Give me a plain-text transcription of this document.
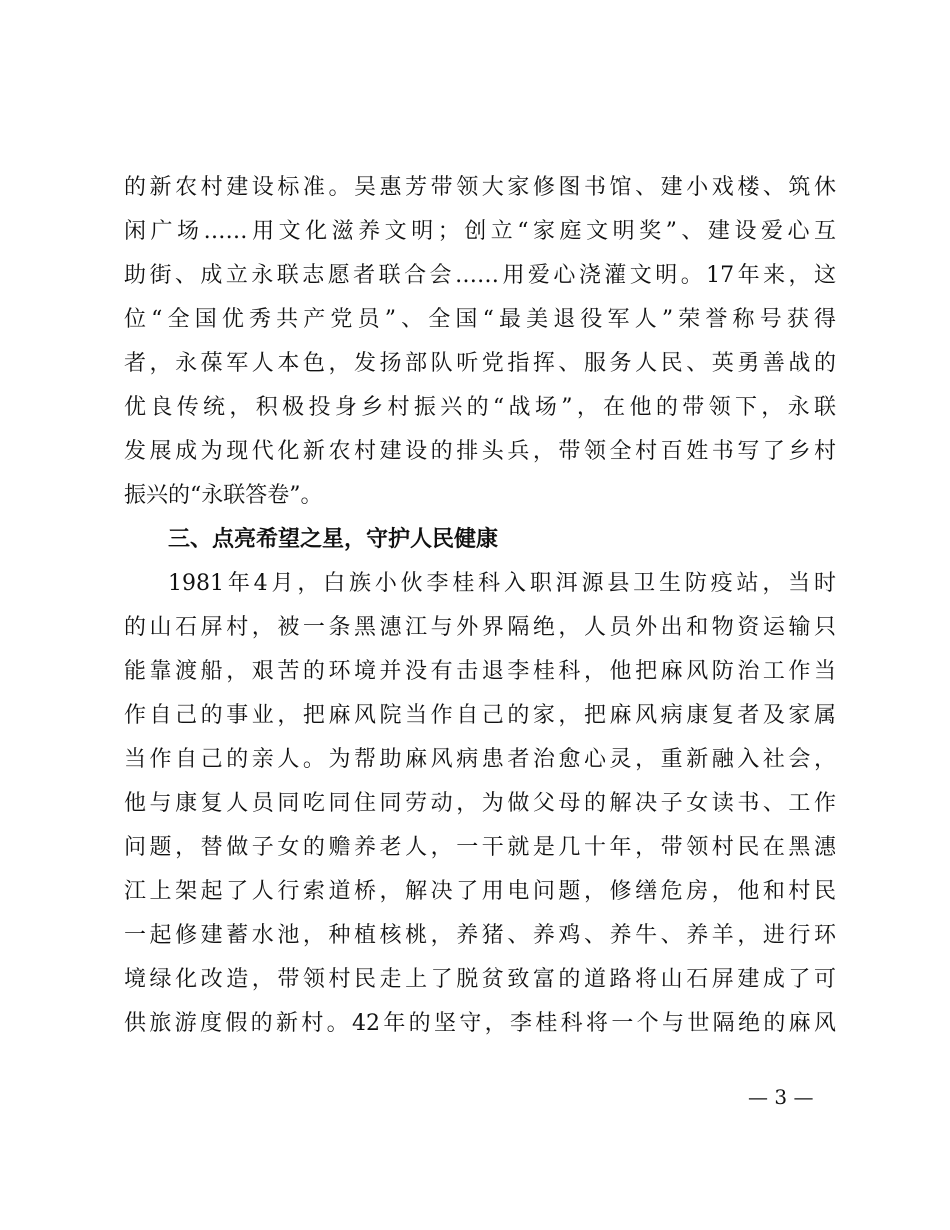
的新农村建设标准。吴惠芳带领大家修图书馆、建小戏楼、筑休
闲广场……用文化滋养文明；创立“家庭文明奖”、建设爱心互
助街、成立永联志愿者联合会……用爱心浇灌文明。17年来，这
位“全国优秀共产党员”、全国“最美退役军人”荣誉称号获得
者，永葆军人本色，发扬部队听党指挥、服务人民、英勇善战的
优良传统，积极投身乡村振兴的“战场”，在他的带领下，永联
发展成为现代化新农村建设的排头兵，带领全村百姓书写了乡村
振兴的“永联答卷”。
三、点亮希望之星，守护人民健康
1981年4月，白族小伙李桂科入职洱源县卫生防疫站，当时
的山石屏村，被一条黑潓江与外界隔绝，人员外出和物资运输只
能靠渡船，艰苦的环境并没有击退李桂科，他把麻风防治工作当
作自己的事业，把麻风院当作自己的家，把麻风病康复者及家属
当作自己的亲人。为帮助麻风病患者治愈心灵，重新融入社会，
他与康复人员同吃同住同劳动，为做父母的解决子女读书、工作
问题，替做子女的赡养老人，一干就是几十年，带领村民在黑潓
江上架起了人行索道桥，解决了用电问题，修缮危房，他和村民
一起修建蓄水池，种植核桃，养猪、养鸡、养牛、养羊，进行环
境绿化改造，带领村民走上了脱贫致富的道路将山石屏建成了可
供旅游度假的新村。42年的坚守，李桂科将一个与世隔绝的麻风
— 3 —
